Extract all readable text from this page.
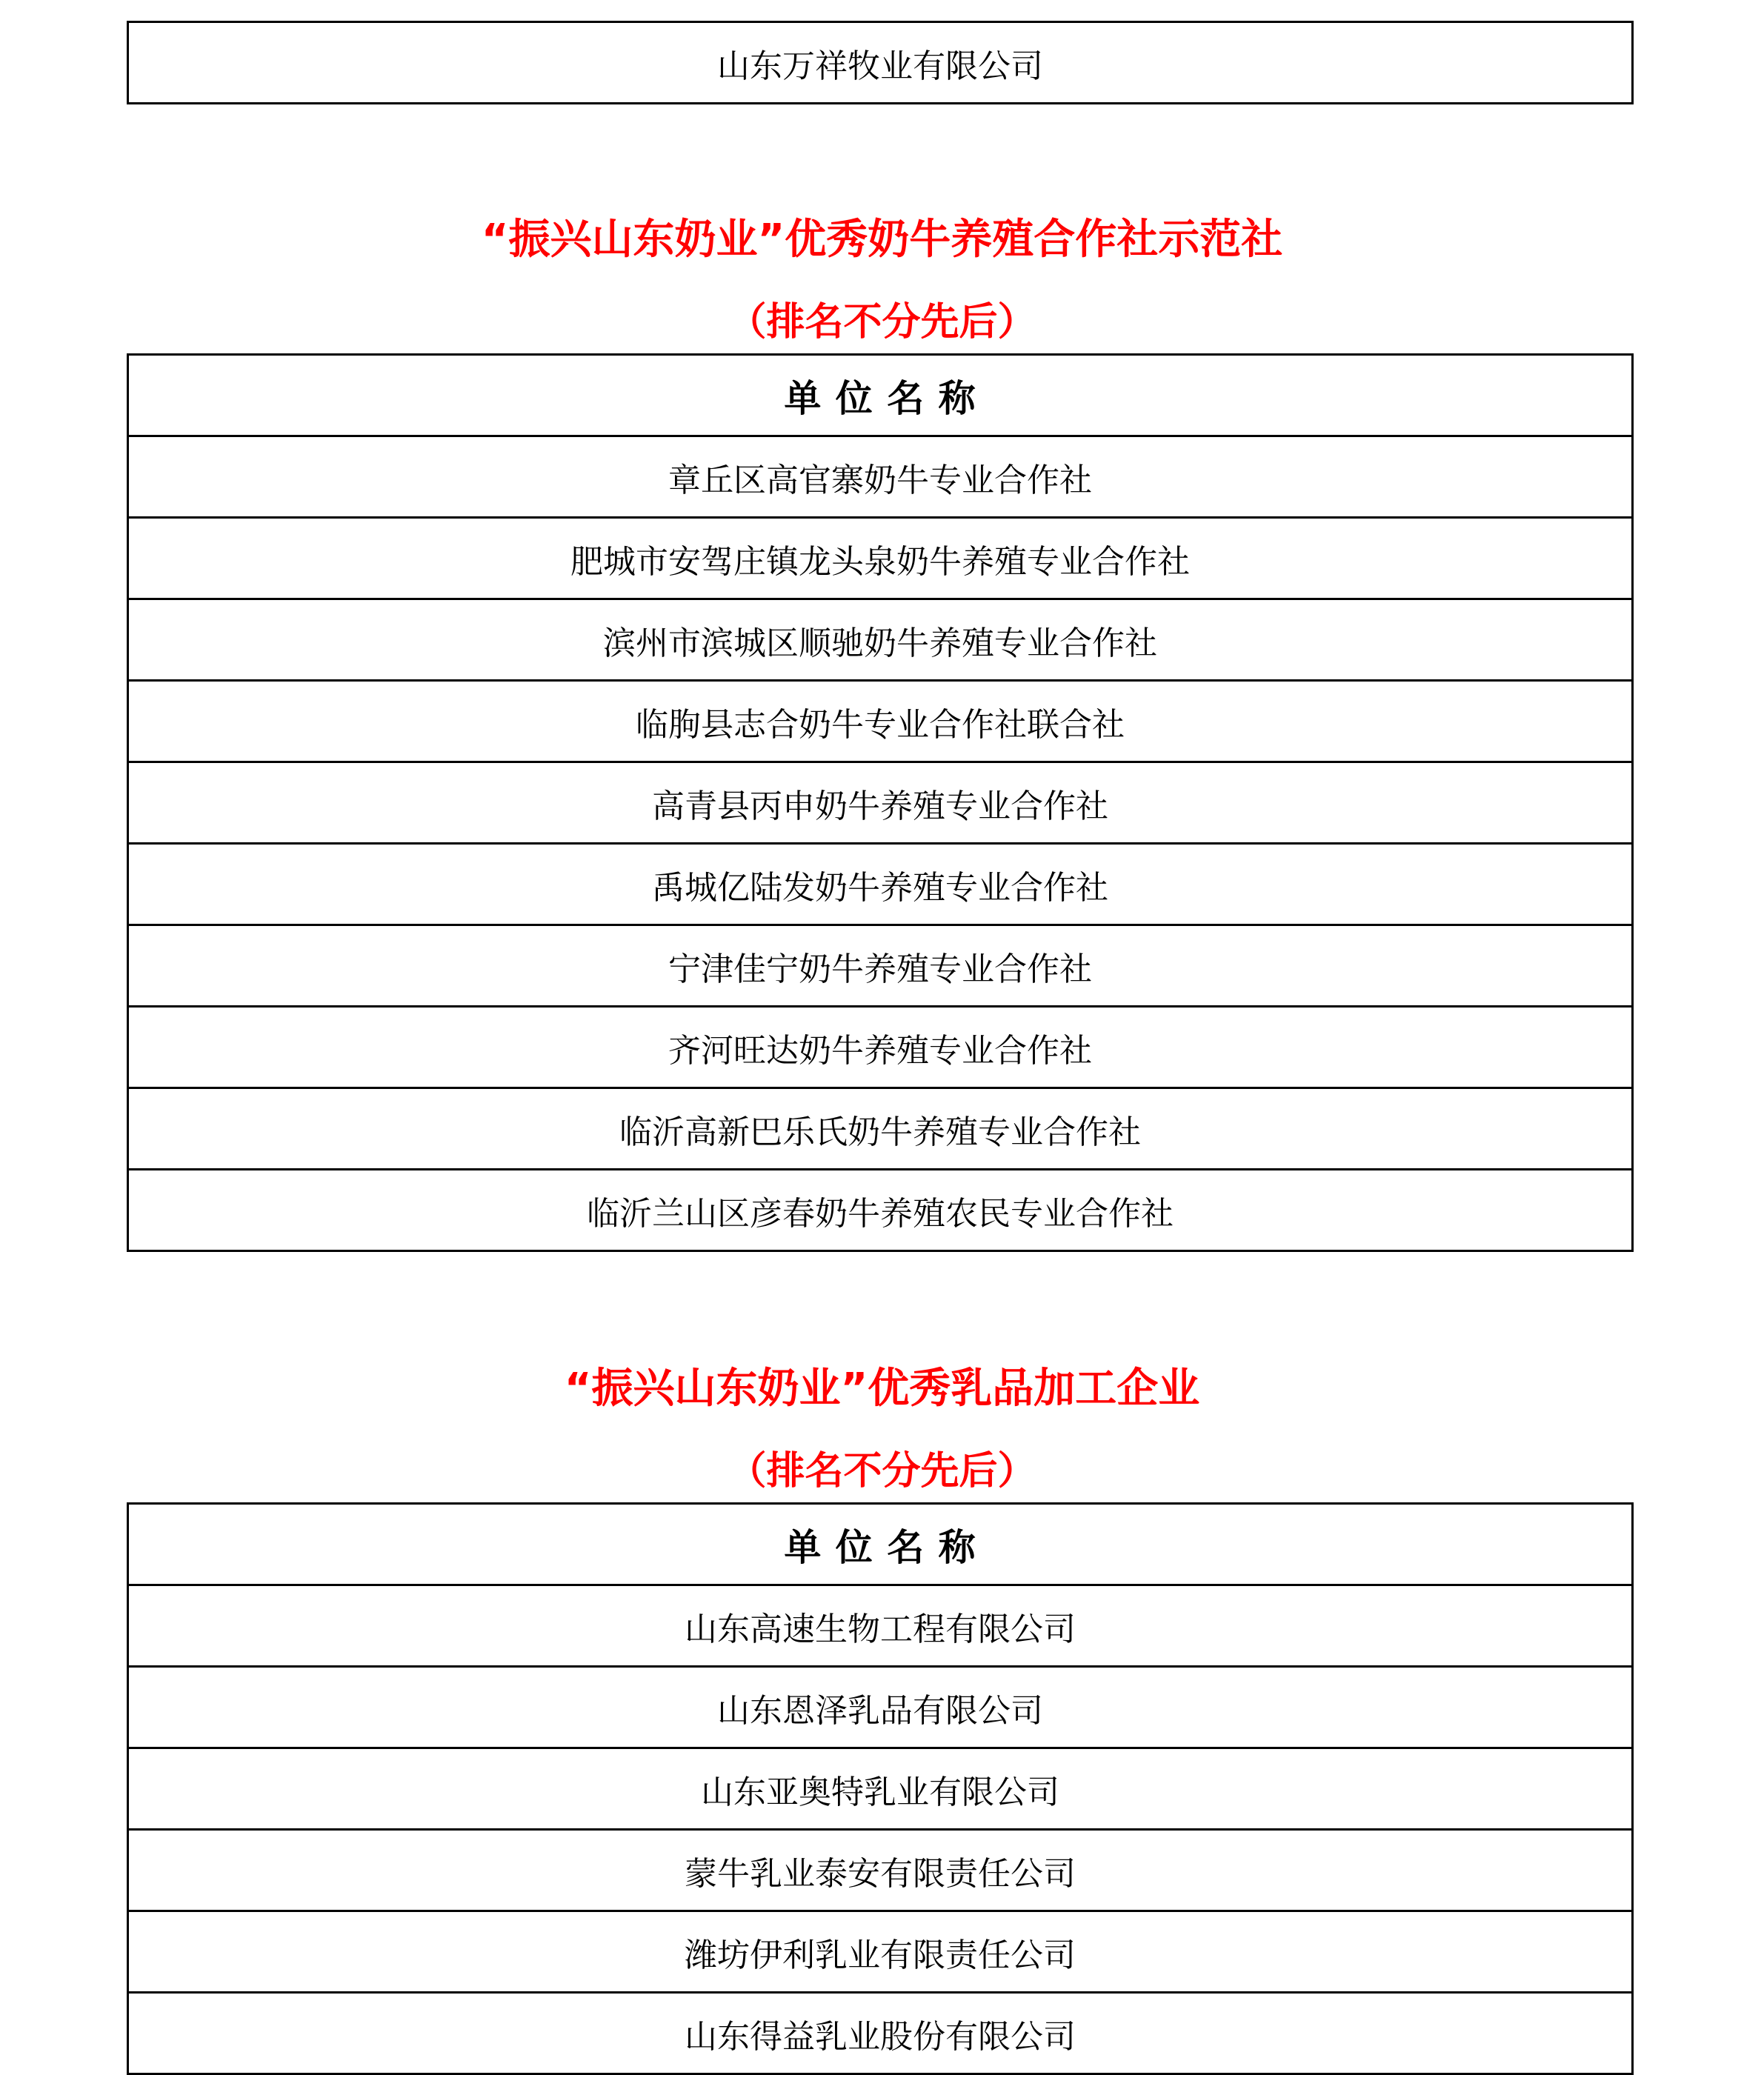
山东万祥牧业有限公司
“振兴山东奶业”优秀奶牛养殖合作社示范社
（排名不分先后）
单 位 名 称
章丘区高官寨奶牛专业合作社
肥城市安驾庄镇龙头泉奶牛养殖专业合作社
滨州市滨城区顺驰奶牛养殖专业合作社
临朐县志合奶牛专业合作社联合社
高青县丙申奶牛养殖专业合作社
禹城亿陆发奶牛养殖专业合作社
宁津佳宁奶牛养殖专业合作社
齐河旺达奶牛养殖专业合作社
临沂高新巴乐氏奶牛养殖专业合作社
临沂兰山区彦春奶牛养殖农民专业合作社
“振兴山东奶业”优秀乳品加工企业
（排名不分先后）
单 位 名 称
山东高速生物工程有限公司
山东恩泽乳品有限公司
山东亚奥特乳业有限公司
蒙牛乳业泰安有限责任公司
潍坊伊利乳业有限责任公司
山东得益乳业股份有限公司
